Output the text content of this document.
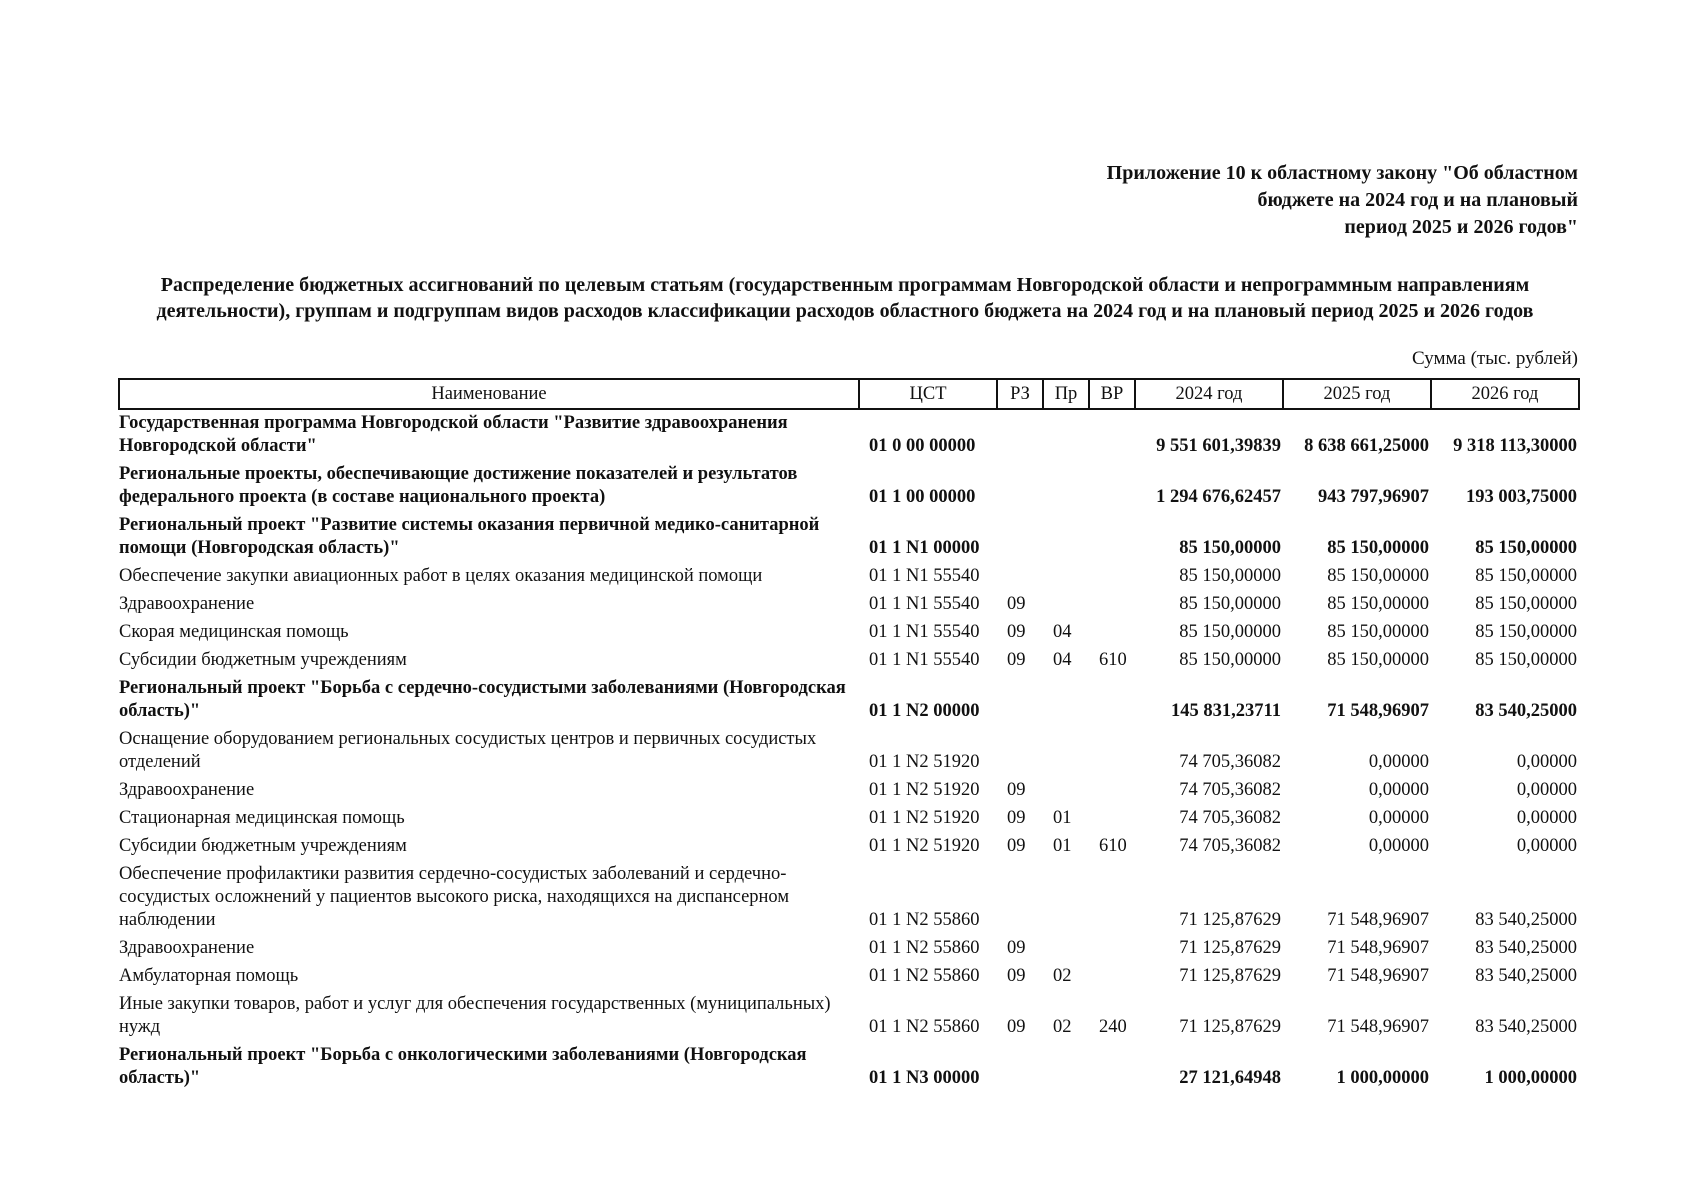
Приложение 10 к областному закону "Об областном
бюджете на 2024 год и на плановый
период 2025 и 2026 годов"
Распределение бюджетных ассигнований по целевым статьям (государственным программам Новгородской области и непрограммным направлениям деятельности), группам и подгруппам видов расходов классификации расходов областного бюджета на 2024 год и на плановый период 2025 и 2026 годов
Сумма (тыс. рублей)
Наименование	ЦСТ	РЗ	Пр	ВР	2024 год	2025 год	2026 год
Государственная программа Новгородской области "Развитие здравоохранения Новгородской области"	01 0 00 00000				9 551 601,39839	8 638 661,25000	9 318 113,30000
Региональные проекты, обеспечивающие достижение показателей и результатов федерального проекта (в составе национального проекта)	01 1 00 00000				1 294 676,62457	943 797,96907	193 003,75000
Региональный проект "Развитие системы оказания первичной медико-санитарной помощи (Новгородская область)"	01 1 N1 00000				85 150,00000	85 150,00000	85 150,00000
Обеспечение закупки авиационных работ в целях оказания медицинской помощи	01 1 N1 55540				85 150,00000	85 150,00000	85 150,00000
Здравоохранение	01 1 N1 55540	09			85 150,00000	85 150,00000	85 150,00000
Скорая медицинская помощь	01 1 N1 55540	09	04		85 150,00000	85 150,00000	85 150,00000
Субсидии бюджетным учреждениям	01 1 N1 55540	09	04	610	85 150,00000	85 150,00000	85 150,00000
Региональный проект "Борьба с сердечно-сосудистыми заболеваниями (Новгородская область)"	01 1 N2 00000				145 831,23711	71 548,96907	83 540,25000
Оснащение оборудованием региональных сосудистых центров и первичных сосудистых отделений	01 1 N2 51920				74 705,36082	0,00000	0,00000
Здравоохранение	01 1 N2 51920	09			74 705,36082	0,00000	0,00000
Стационарная медицинская помощь	01 1 N2 51920	09	01		74 705,36082	0,00000	0,00000
Субсидии бюджетным учреждениям	01 1 N2 51920	09	01	610	74 705,36082	0,00000	0,00000
Обеспечение профилактики развития сердечно-сосудистых заболеваний и сердечно-сосудистых осложнений у пациентов высокого риска, находящихся на диспансерном наблюдении	01 1 N2 55860				71 125,87629	71 548,96907	83 540,25000
Здравоохранение	01 1 N2 55860	09			71 125,87629	71 548,96907	83 540,25000
Амбулаторная помощь	01 1 N2 55860	09	02		71 125,87629	71 548,96907	83 540,25000
Иные закупки товаров, работ и услуг для обеспечения государственных (муниципальных) нужд	01 1 N2 55860	09	02	240	71 125,87629	71 548,96907	83 540,25000
Региональный проект "Борьба с онкологическими заболеваниями (Новгородская область)"	01 1 N3 00000				27 121,64948	1 000,00000	1 000,00000
